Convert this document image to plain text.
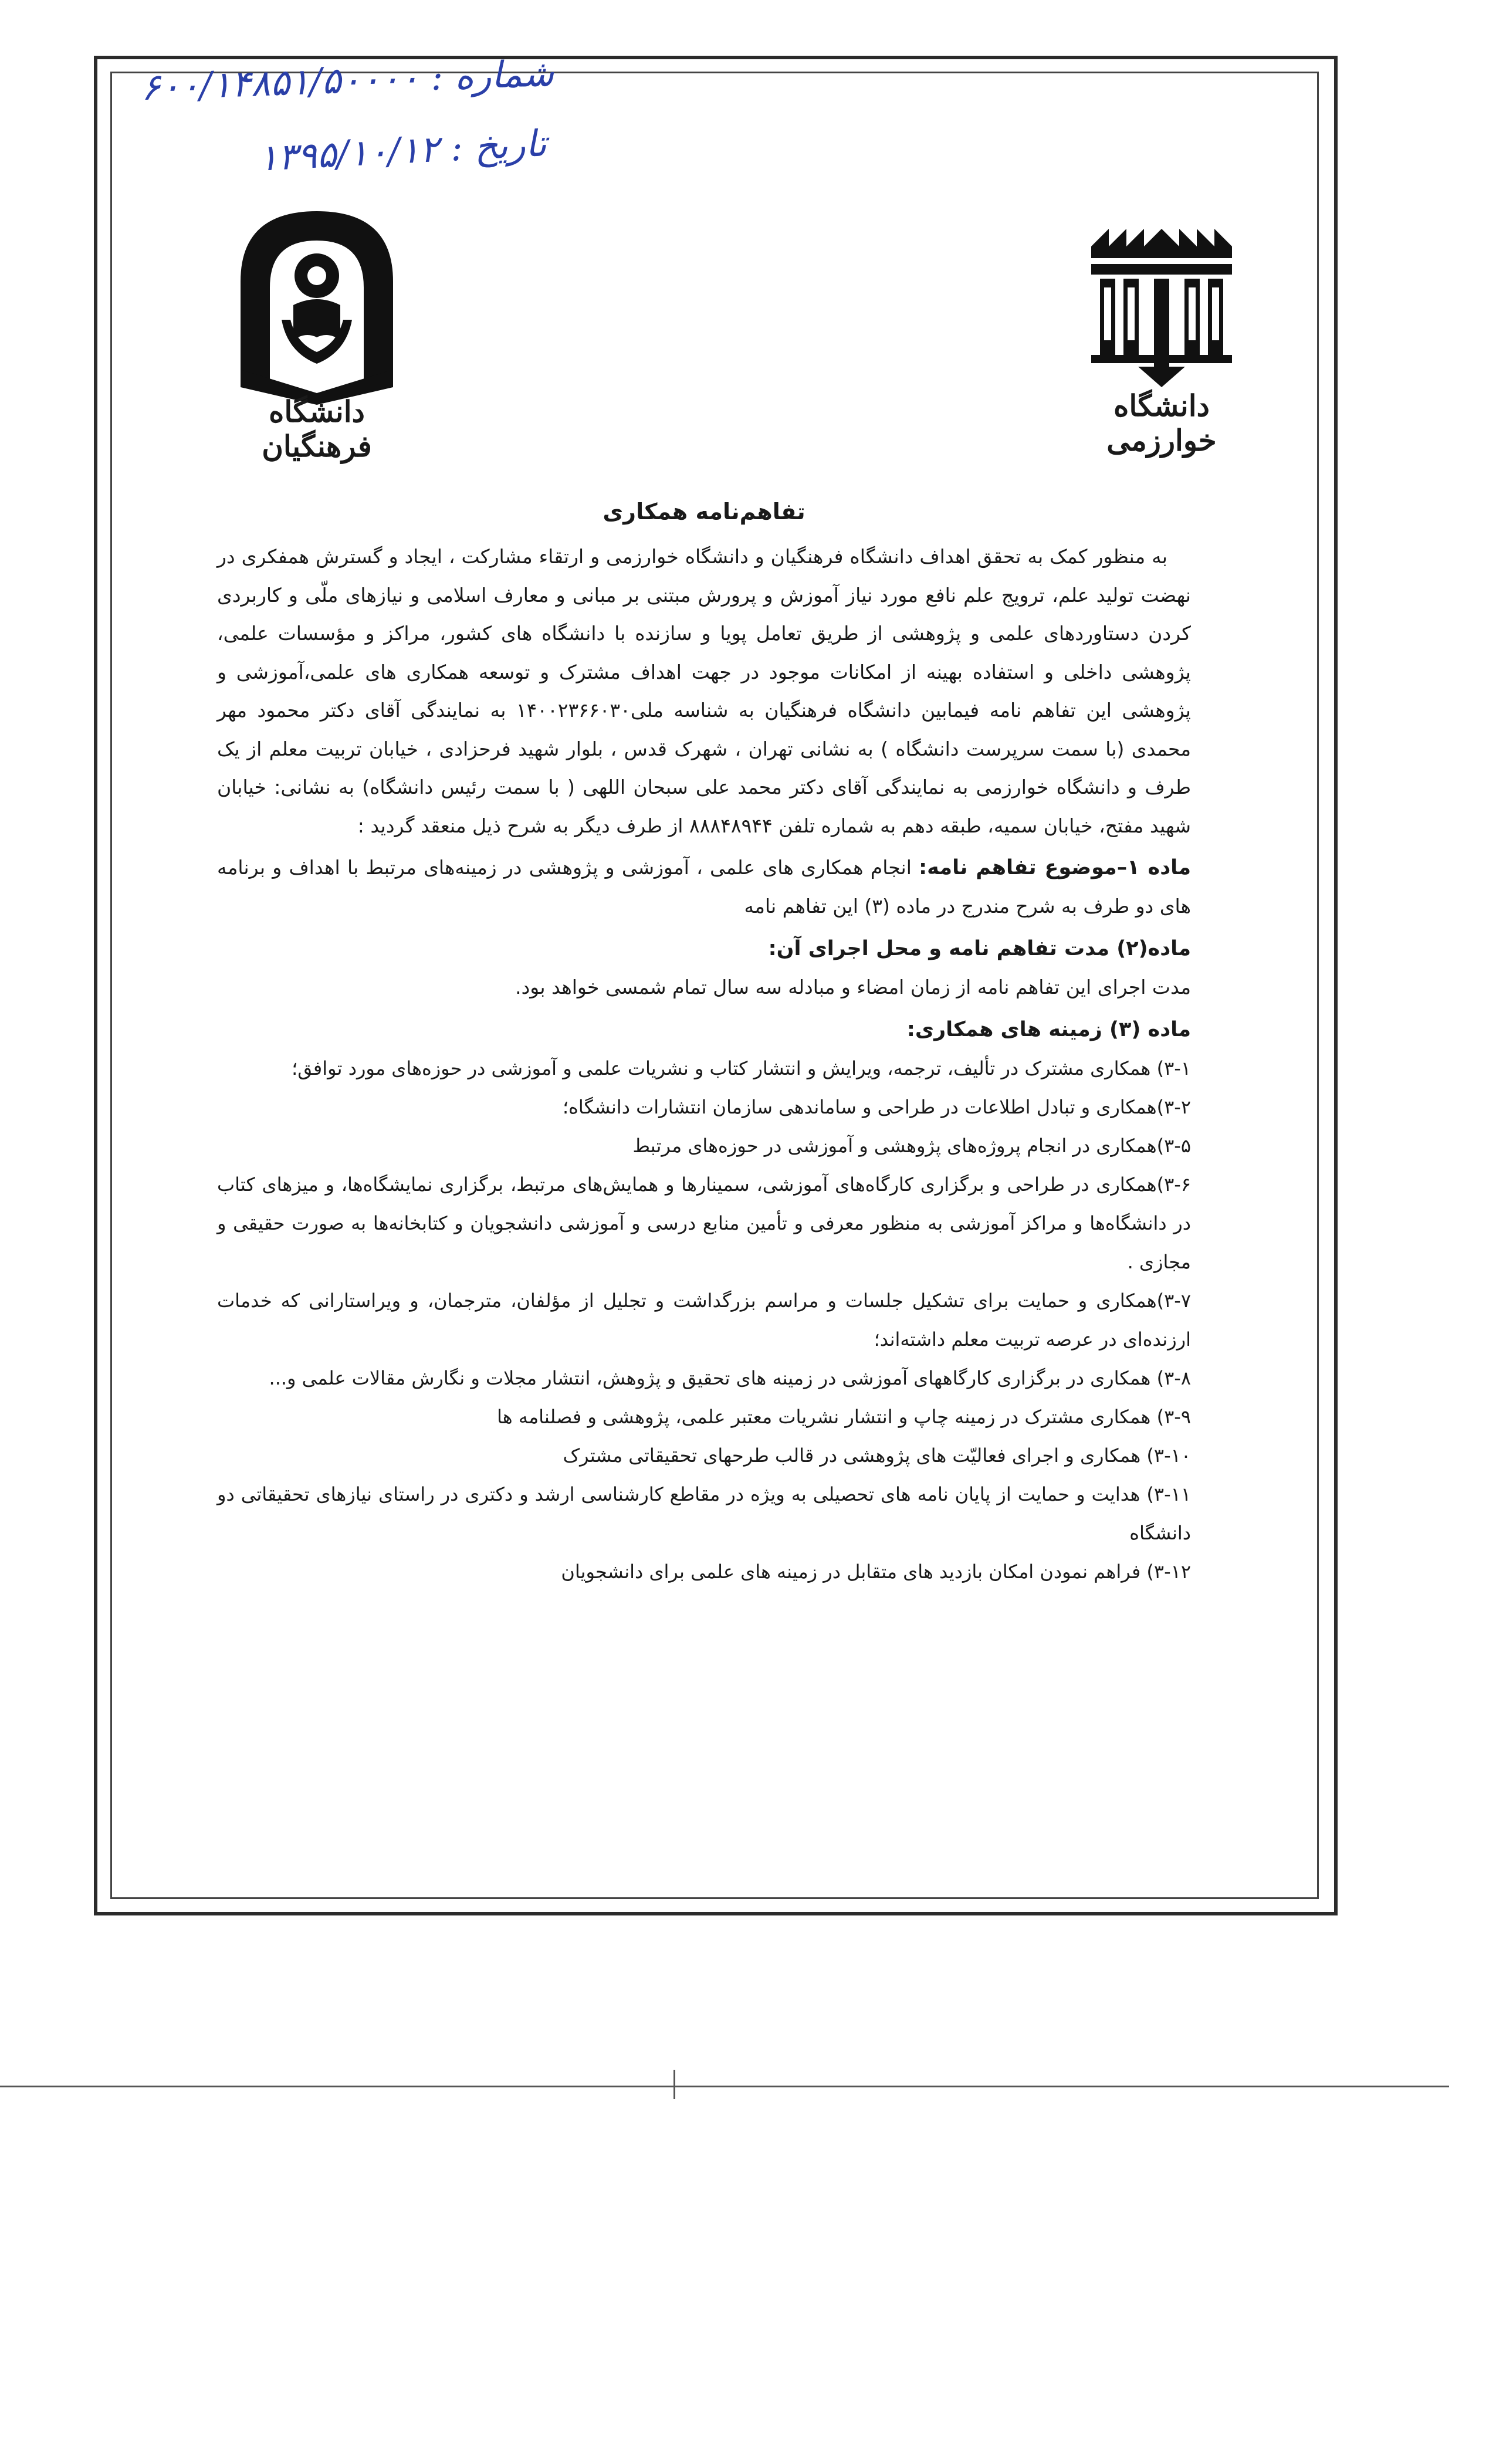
شماره : ۶۰۰/۱۴۸۵۱/۵۰۰۰۰
تاریخ : ۱۳۹۵/۱۰/۱۲
دانشگاه فرهنگیان
دانشگاه خوارزمی
تفاهم‌نامه همکاری
به منظور کمک به تحقق اهداف دانشگاه فرهنگیان و دانشگاه خوارزمی و ارتقاء مشارکت ، ایجاد و گسترش همفکری در نهضت تولید علم، ترویج علم نافع مورد نیاز آموزش و پرورش مبتنی بر مبانی و معارف اسلامی و نیازهای ملّی و کاربردی کردن دستاوردهای علمی و پژوهشی از طریق تعامل پویا و سازنده با دانشگاه های کشور، مراکز و مؤسسات علمی، پژوهشی داخلی و استفاده بهینه از امکانات موجود در جهت اهداف مشترک و توسعه همکاری های علمی،آموزشی و پژوهشی این تفاهم نامه فیمابین دانشگاه فرهنگیان به شناسه ملی۱۴۰۰۲۳۶۶۰۳۰ به نمایندگی آقای دکتر محمود مهر محمدی (با سمت سرپرست دانشگاه ) به نشانی تهران ، شهرک قدس ، بلوار شهید فرحزادی ، خیابان تربیت معلم از یک طرف و دانشگاه خوارزمی به نمایندگی آقای دکتر محمد علی سبحان اللهی ( با سمت رئیس دانشگاه) به نشانی: خیابان شهید مفتح، خیابان سمیه، طبقه دهم به شماره تلفن ۸۸۸۴۸۹۴۴ از طرف دیگر به شرح ذیل منعقد گردید :
ماده ۱–موضوع تفاهم نامه: انجام همکاری های علمی ، آموزشی و پژوهشی در زمینه‌های مرتبط با اهداف و برنامه های دو طرف به شرح مندرج در ماده (۳) این تفاهم نامه
ماده(۲) مدت تفاهم نامه و محل اجرای آن:
مدت اجرای این تفاهم نامه از زمان امضاء و مبادله سه سال تمام شمسی خواهد بود.
ماده (۳) زمینه های همکاری:
۳-۱) همکاری مشترک در تألیف، ترجمه، ویرایش و انتشار کتاب و نشریات علمی و آموزشی در حوزه‌های مورد توافق؛
۳-۲)همکاری و تبادل اطلاعات در طراحی و ساماندهی سازمان انتشارات دانشگاه؛
۳-۵)همکاری در انجام پروژه‌های پژوهشی و آموزشی در حوزه‌های مرتبط
۳-۶)همکاری در طراحی و برگزاری کارگاه‌های آموزشی، سمینارها و همایش‌های مرتبط، برگزاری نمایشگاه‌ها، و میزهای کتاب در دانشگاه‌ها و مراکز آموزشی به منظور معرفی و تأمین منابع درسی و آموزشی دانشجویان و کتابخانه‌ها به صورت حقیقی و مجازی .
۳-۷)همکاری و حمایت برای تشکیل جلسات و مراسم بزرگداشت و تجلیل از مؤلفان، مترجمان، و ویراستارانی که خدمات ارزنده‌ای در عرصه تربیت معلم داشته‌اند؛
۳-۸) همکاری در برگزاری کارگاههای آموزشی در زمینه های تحقیق و پژوهش، انتشار مجلات و نگارش مقالات علمی و...
۳-۹) همکاری مشترک در زمینه چاپ و انتشار نشریات معتبر علمی، پژوهشی و فصلنامه ها
۳-۱۰) همکاری و اجرای فعالیّت های پژوهشی در قالب طرحهای تحقیقاتی مشترک
۳-۱۱) هدایت و حمایت از پایان نامه های تحصیلی به ویژه در مقاطع کارشناسی ارشد و دکتری در راستای نیازهای تحقیقاتی دو دانشگاه
۳-۱۲) فراهم نمودن امکان بازدید های متقابل در زمینه های علمی برای دانشجویان
